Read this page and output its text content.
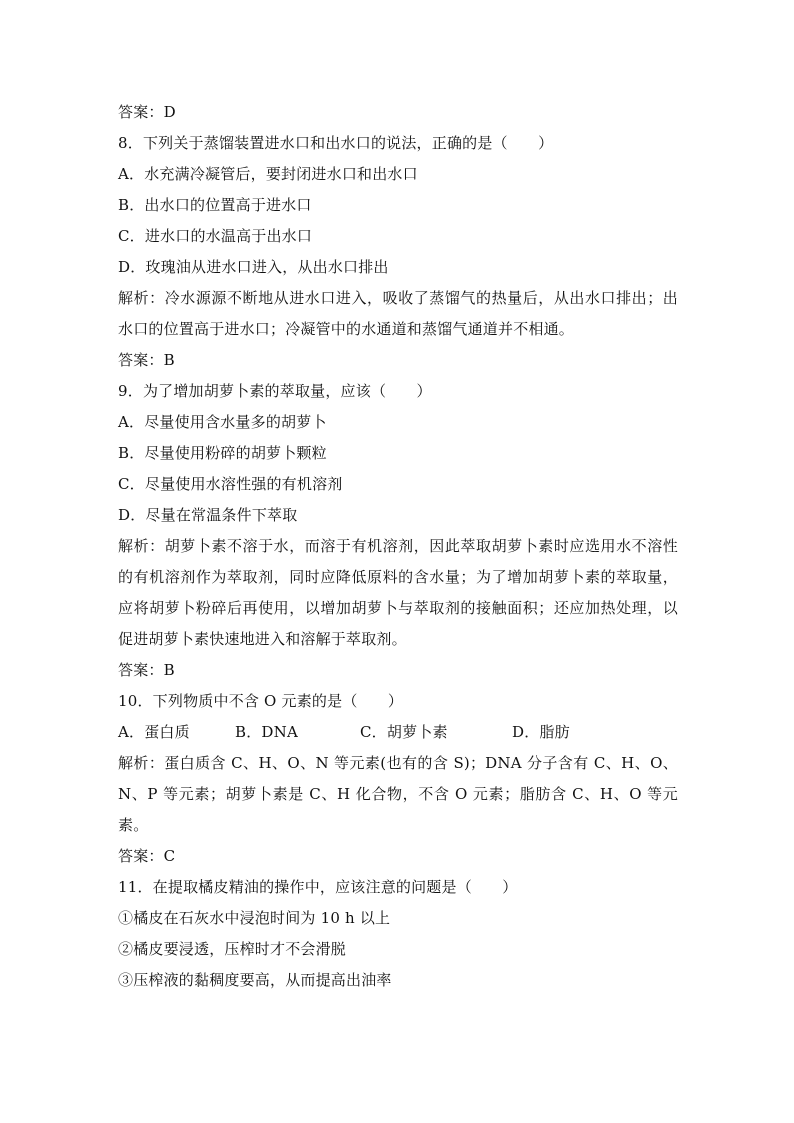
答案：D
8．下列关于蒸馏装置进水口和出水口的说法，正确的是（　　）
A．水充满冷凝管后，要封闭进水口和出水口
B．出水口的位置高于进水口
C．进水口的水温高于出水口
D．玫瑰油从进水口进入，从出水口排出
解析：冷水源源不断地从进水口进入，吸收了蒸馏气的热量后，从出水口排出；出水口的位置高于进水口；冷凝管中的水通道和蒸馏气通道并不相通。
答案：B
9．为了增加胡萝卜素的萃取量，应该（　　）
A．尽量使用含水量多的胡萝卜
B．尽量使用粉碎的胡萝卜颗粒
C．尽量使用水溶性强的有机溶剂
D．尽量在常温条件下萃取
解析：胡萝卜素不溶于水，而溶于有机溶剂，因此萃取胡萝卜素时应选用水不溶性的有机溶剂作为萃取剂，同时应降低原料的含水量；为了增加胡萝卜素的萃取量，应将胡萝卜粉碎后再使用，以增加胡萝卜与萃取剂的接触面积；还应加热处理，以促进胡萝卜素快速地进入和溶解于萃取剂。
答案：B
10．下列物质中不含 O 元素的是（　　）
A．蛋白质	B．DNA	C．胡萝卜素	D．脂肪
解析：蛋白质含 C、H、O、N 等元素(也有的含 S)；DNA 分子含有 C、H、O、N、P 等元素；胡萝卜素是 C、H 化合物，不含 O 元素；脂肪含 C、H、O 等元素。
答案：C
11．在提取橘皮精油的操作中，应该注意的问题是（　　）
①橘皮在石灰水中浸泡时间为 10 h 以上
②橘皮要浸透，压榨时才不会滑脱
③压榨液的黏稠度要高，从而提高出油率
